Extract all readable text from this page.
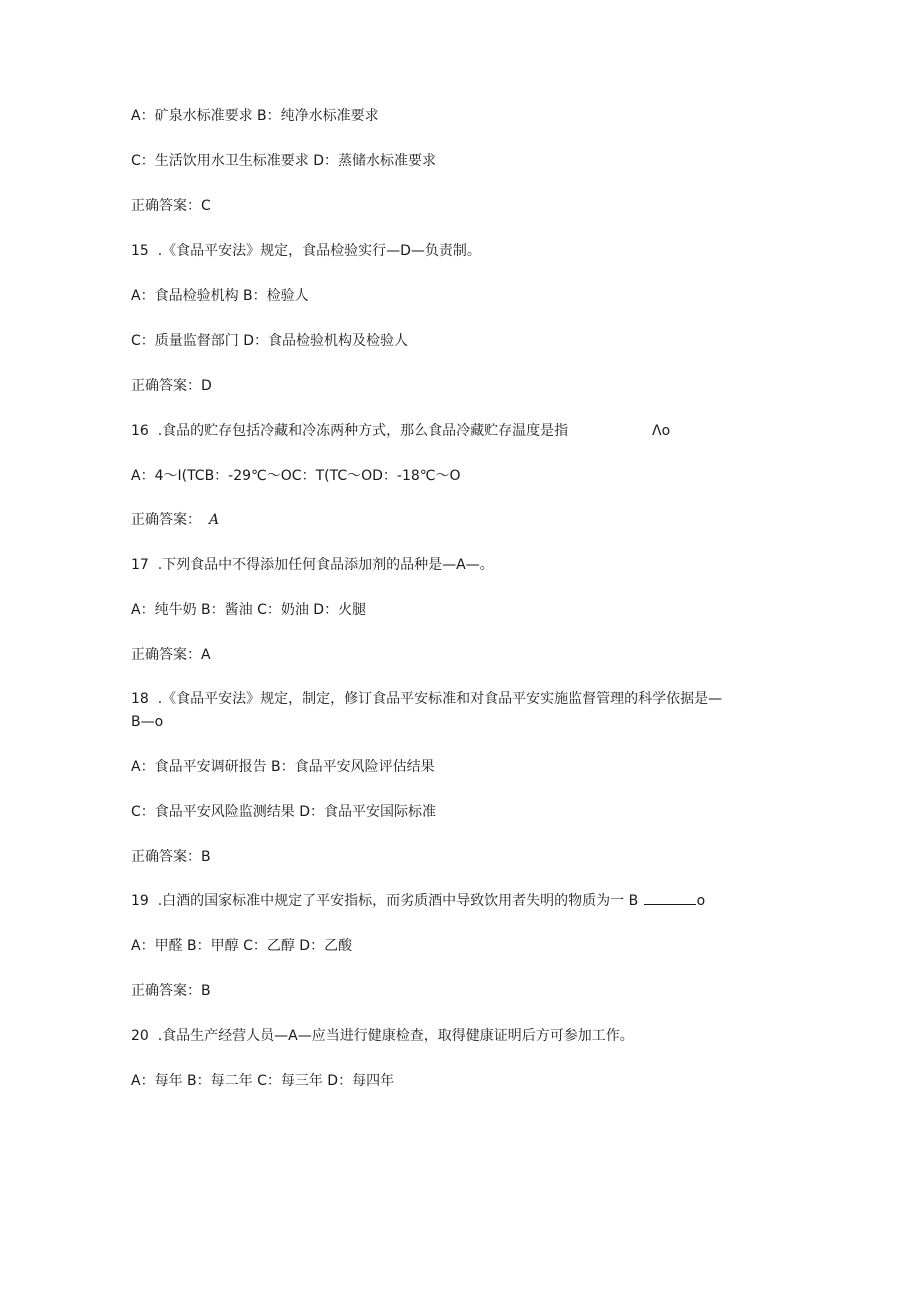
A：矿泉水标准要求 B：纯净水标准要求
C：生活饮用水卫生标准要求 D：蒸储水标准要求
正确答案：C
15	.《食品平安法》规定，食品检验实行—D—负责制。
A：食品检验机构 B：检验人
C：质量监督部门 D：食品检验机构及检验人
正确答案：D
16	.食品的贮存包括冷藏和冷冻两种方式，那么食品冷藏贮存温度是指	Λo
A：4～I(TCB：-29℃～OC：T(TC～OD：-18℃～O
正确答案： A
17	.下列食品中不得添加任何食品添加剂的品种是—A—。
A：纯牛奶 B：酱油 C：奶油 D：火腿
正确答案：A
18	.《食品平安法》规定，制定，修订食品平安标准和对食品平安实施监督管理的科学依据是—
B—o
A：食品平安调研报告 B：食品平安风险评估结果
C：食品平安风险监测结果 D：食品平安国际标准
正确答案：B
19	.白酒的国家标准中规定了平安指标，而劣质酒中导致饮用者失明的物质为一 B	o
A：甲醛 B：甲醇 C：乙醇 D：乙酸
正确答案：B
20	.食品生产经营人员—A—应当进行健康检查，取得健康证明后方可参加工作。
A：每年 B：每二年 C：每三年 D：每四年
